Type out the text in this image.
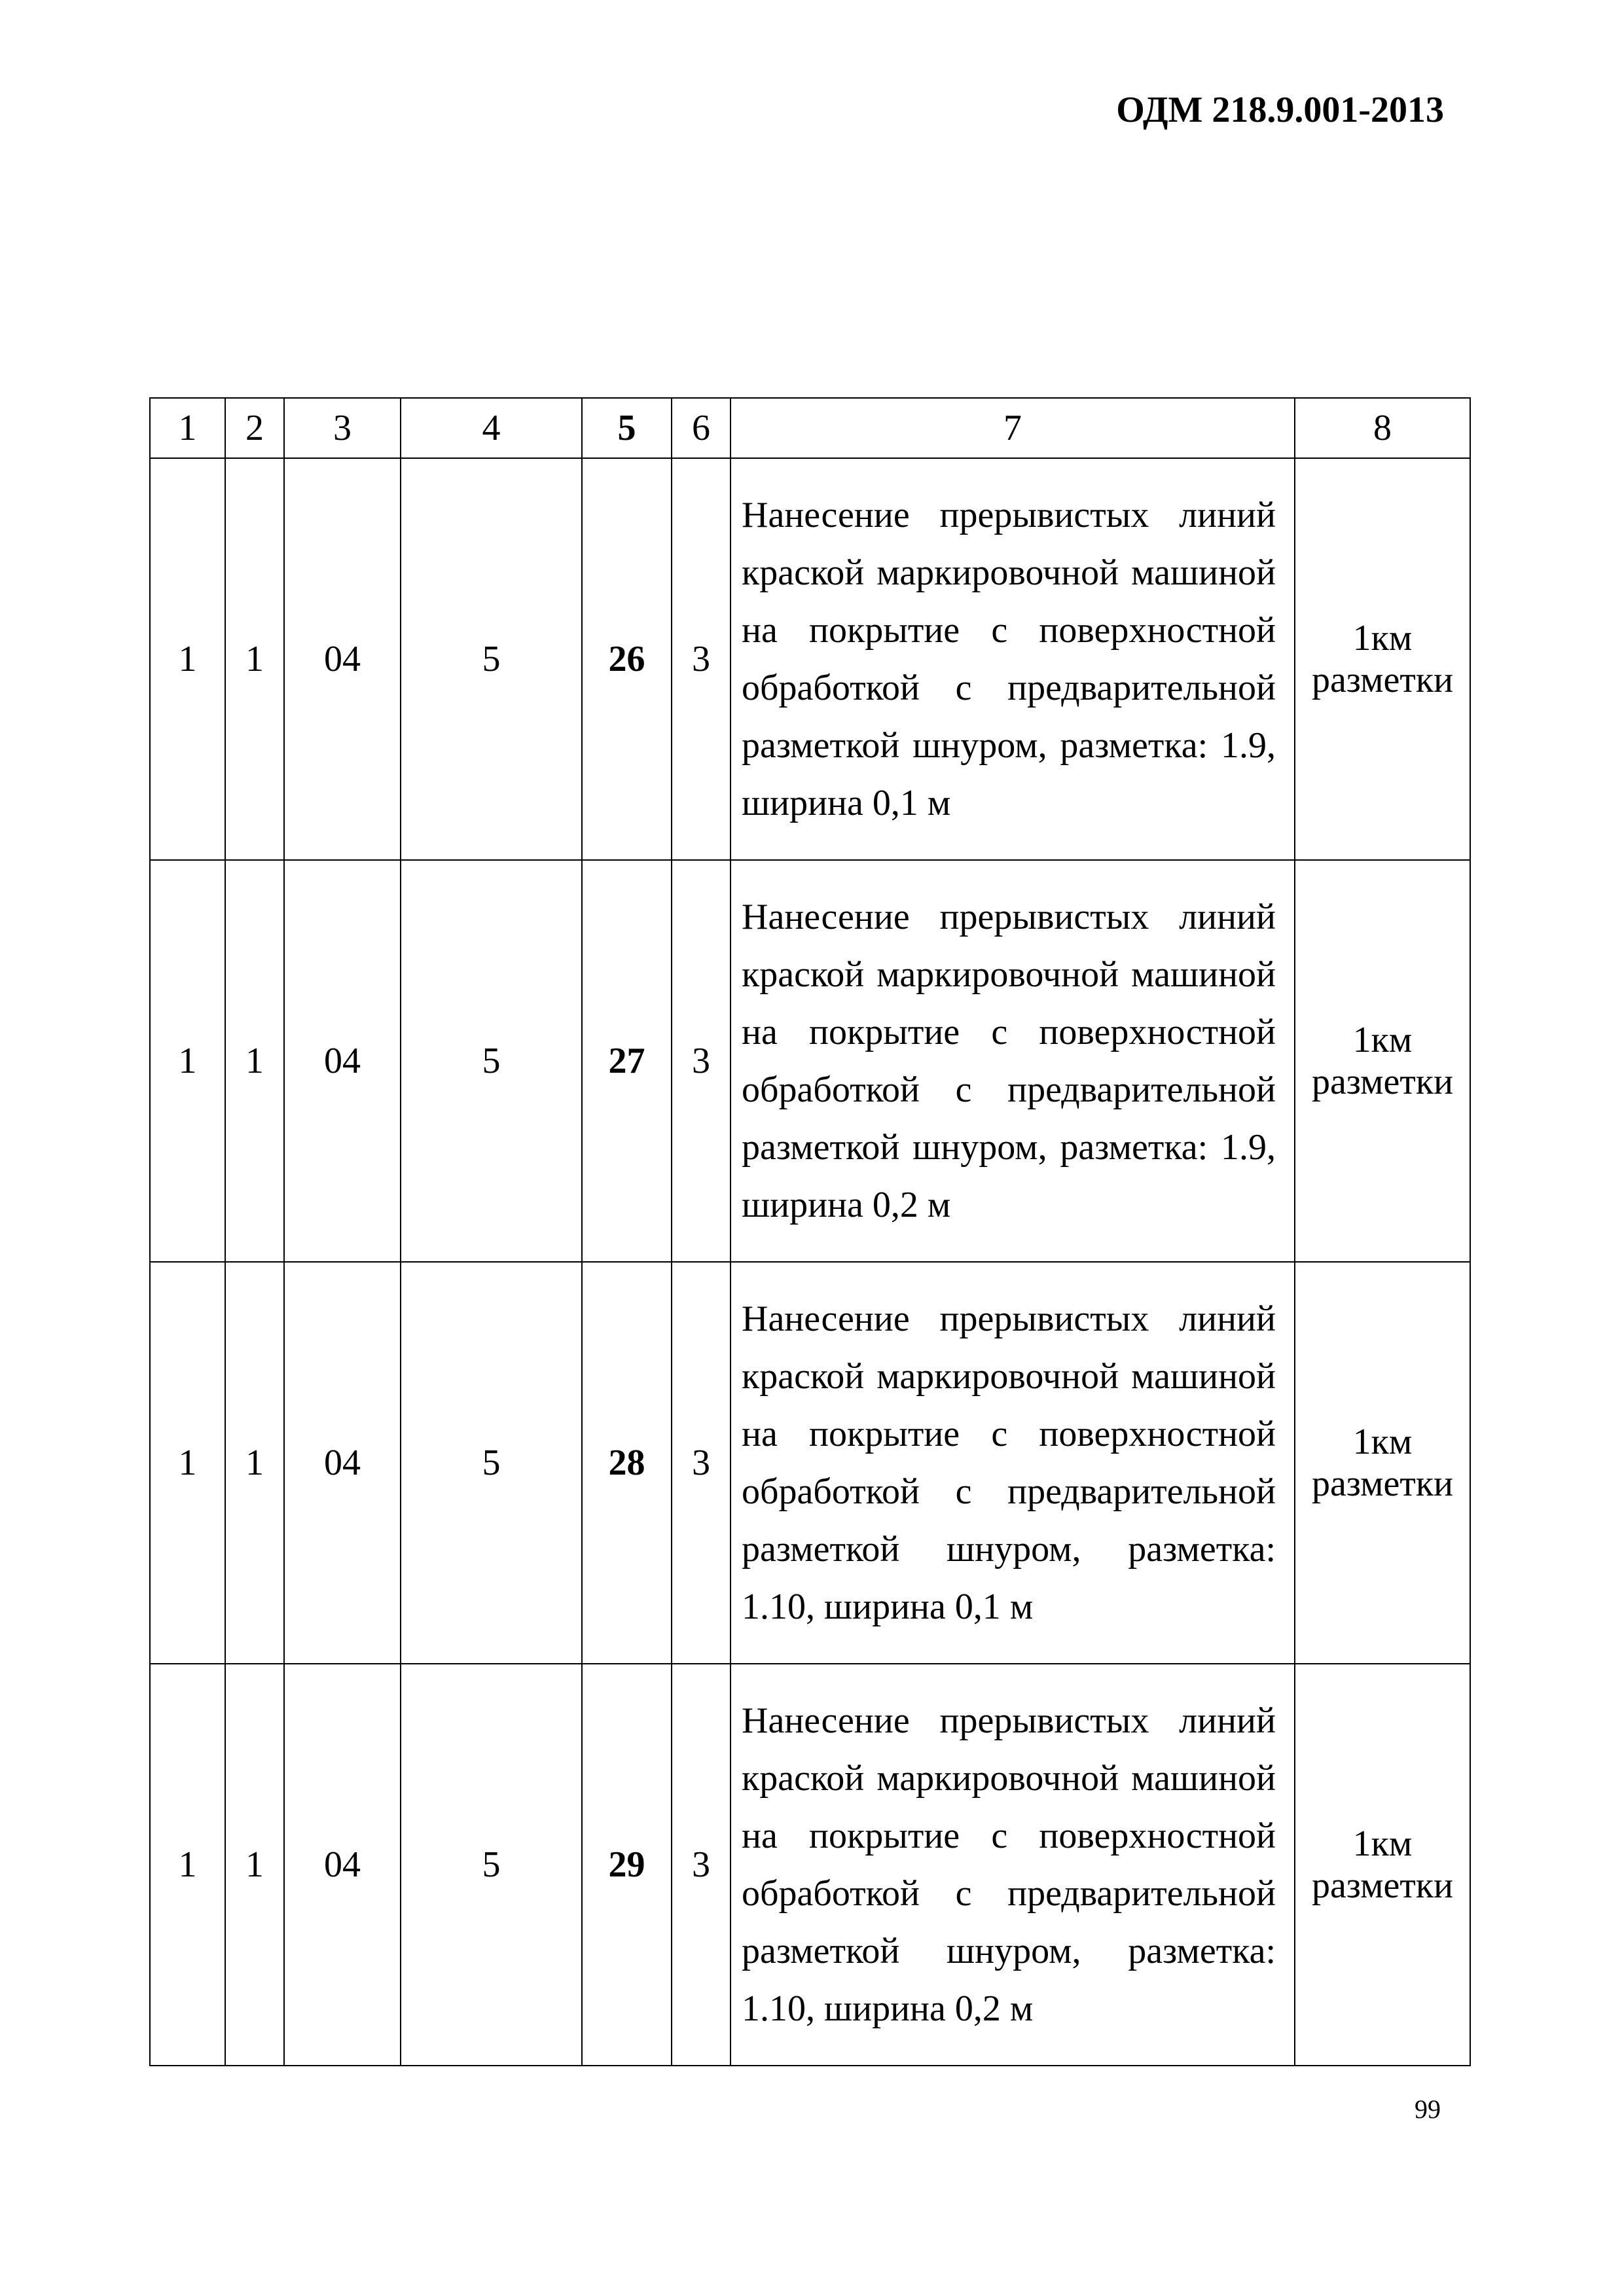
ОДМ 218.9.001-2013
1	2	3	4	5	6	7	8
1	1	04	5	26	3	Нанесение прерывистых линий краской маркировочной машиной на покрытие с поверхностной обработкой с предварительной разметкой шнуром, разметка: 1.9, ширина 0,1 м	1км
разметки
1	1	04	5	27	3	Нанесение прерывистых линий краской маркировочной машиной на покрытие с поверхностной обработкой с предварительной разметкой шнуром, разметка: 1.9, ширина 0,2 м	1км
разметки
1	1	04	5	28	3	Нанесение прерывистых линий краской маркировочной машиной на покрытие с поверхностной обработкой с предварительной разметкой шнуром, разметка: 1.10, ширина 0,1 м	1км
разметки
1	1	04	5	29	3	Нанесение прерывистых линий краской маркировочной машиной на покрытие с поверхностной обработкой с предварительной разметкой шнуром, разметка: 1.10, ширина 0,2 м	1км
разметки
99
